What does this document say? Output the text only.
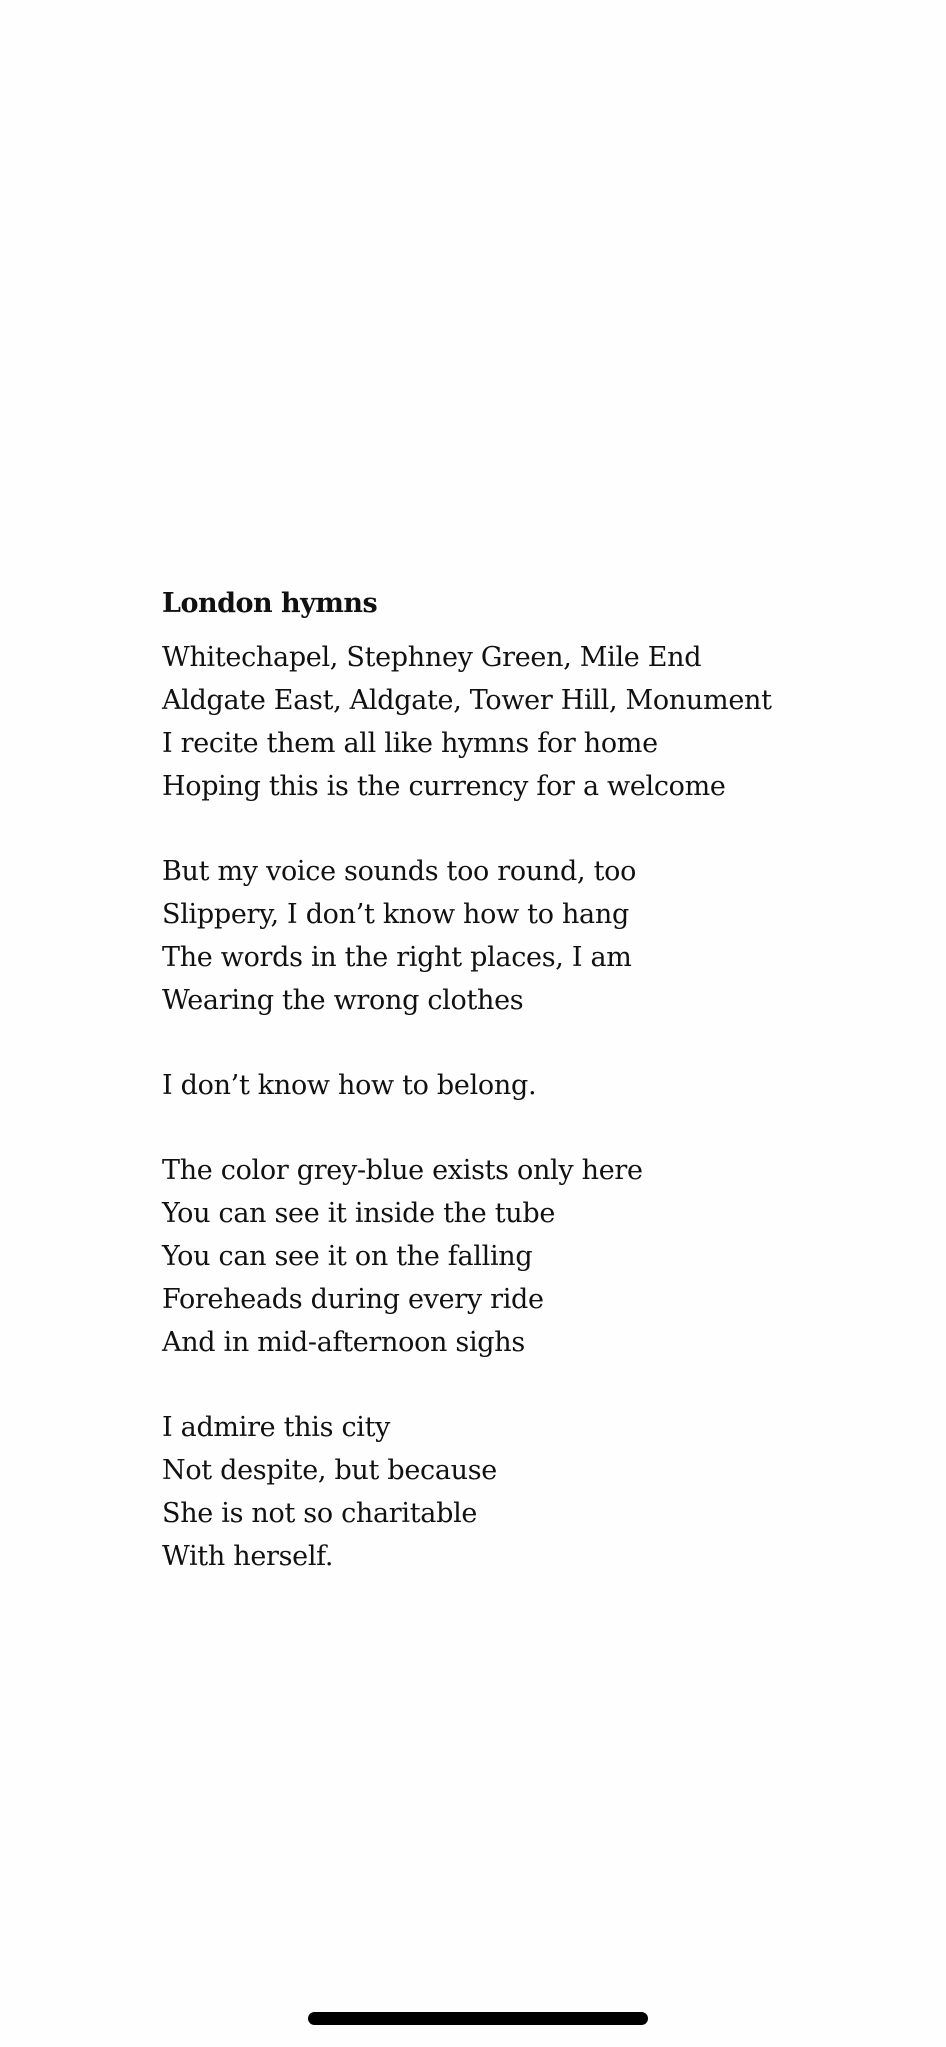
London hymns
Whitechapel, Stephney Green, Mile End
Aldgate East, Aldgate, Tower Hill, Monument
I recite them all like hymns for home
Hoping this is the currency for a welcome
But my voice sounds too round, too
Slippery, I don’t know how to hang
The words in the right places, I am
Wearing the wrong clothes
I don’t know how to belong.
The color grey-blue exists only here
You can see it inside the tube
You can see it on the falling
Foreheads during every ride
And in mid-afternoon sighs
I admire this city
Not despite, but because
She is not so charitable
With herself.
